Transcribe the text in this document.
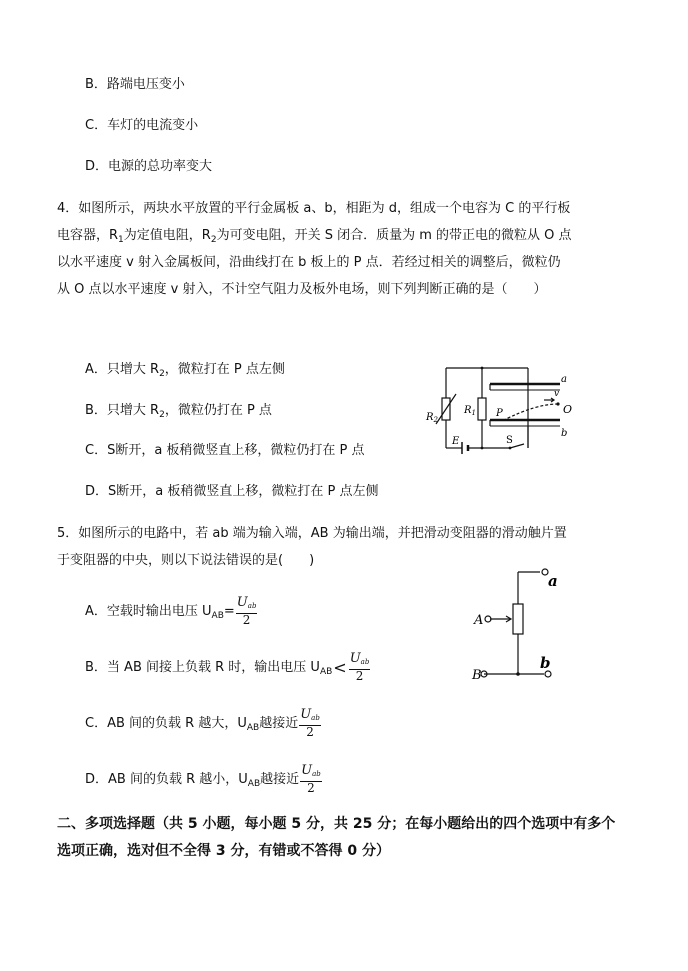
B．路端电压变小
C．车灯的电流变小
D．电源的总功率变大
4．如图所示，两块水平放置的平行金属板 a、b，相距为 d，组成一个电容为 C 的平行板
电容器，$R_1$为定值电阻，$R_2$为可变电阻，开关 S 闭合．质量为 m 的带正电的微粒从 O 点
以水平速度 v 射入金属板间，沿曲线打在 b 板上的 P 点．若经过相关的调整后，微粒仍
从 O 点以水平速度 v 射入，不计空气阻力及板外电场，则下列判断正确的是（　　）
A．只增大 $R_2$，微粒打在 P 点左侧
B．只增大 $R_2$，微粒仍打在 P 点
C．S断开，a 板稍微竖直上移，微粒仍打在 P 点
D．S断开，a 板稍微竖直上移，微粒打在 P 点左侧
a
b
O
v
P
$R_1$
$R_2$
E	S
5．如图所示的电路中，若 ab 端为输入端，AB 为输出端，并把滑动变阻器的滑动触片置
于变阻器的中央，则以下说法错误的是(　　)
A．空载时输出电压 $U_{AB}= \frac{U_{ab}}{2}$
B．当 AB 间接上负载 R 时，输出电压 $U_{AB}< \frac{U_{ab}}{2}$
C．AB 间的负载 R 越大，$U_{AB}$越接近 $\frac{U_{ab}}{2}$
D．AB 间的负载 R 越小，$U_{AB}$越接近 $\frac{U_{ab}}{2}$
a
A
B
b
二、多项选择题（共 5 小题，每小题 5 分，共 25 分；在每小题给出的四个选项中有多个
选项正确，选对但不全得 3 分，有错或不答得 0 分）
